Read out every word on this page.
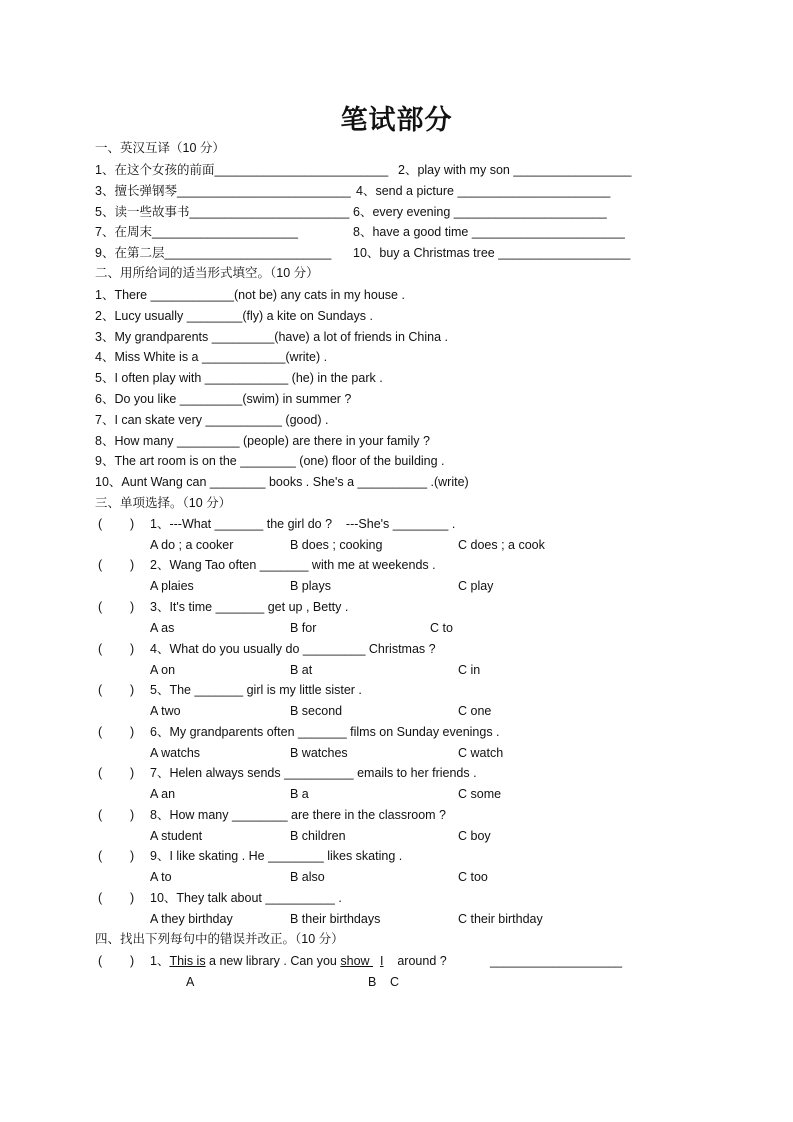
笔试部分
一、英汉互译（10 分）
1、在这个女孩的前面_________________________ 2、play with my son _________________
3、擅长弹钢琴_________________________ 4、send a picture ______________________
5、读一些故事书_______________________ 6、every evening ______________________
7、在周末_____________________	8、have a good time ______________________
9、在第二层________________________ 10、buy a Christmas tree ___________________
二、用所给词的适当形式填空。（10 分）
1、There ____________(not be) any cats in my house .
2、Lucy usually ________(fly) a kite on Sundays .
3、My grandparents _________(have) a lot of friends in China .
4、Miss White is a ____________(write) .
5、I often play with ____________ (he) in the park .
6、Do you like _________(swim) in summer ?
7、I can skate very ___________ (good) .
8、How many _________ (people) are there in your family ?
9、The art room is on the ________ (one) floor of the building .
10、Aunt Wang can ________ books . She's a __________ .(write)
三、单项选择。（10 分）
(        ) 1、---What _______ the girl do ?    ---She's ________ .
A do ; a cooker	B does ; cooking	C does ; a cook
(        ) 2、Wang Tao often _______ with me at weekends .
A plaies	B plays	C play
(        ) 3、It's time _______ get up , Betty .
A as	B for	C to
(        ) 4、What do you usually do _________ Christmas ?
A on	B at	C in
(        ) 5、The _______ girl is my little sister .
A two	B second	C one
(        ) 6、My grandparents often _______ films on Sunday evenings .
A watchs	B watches	C watch
(        ) 7、Helen always sends __________ emails to her friends .
A an	B a	C some
(        ) 8、How many ________ are there in the classroom ?
A student	B children	C boy
(        ) 9、I like skating . He ________ likes skating .
A to	B also	C too
(        ) 10、They talk about __________ .
A they birthday	B their birthdays	C their birthday
四、找出下列每句中的错误并改正。（10 分）
(        ) 1、This is a new library . Can you show   I    around ?	___________________
A	B C
